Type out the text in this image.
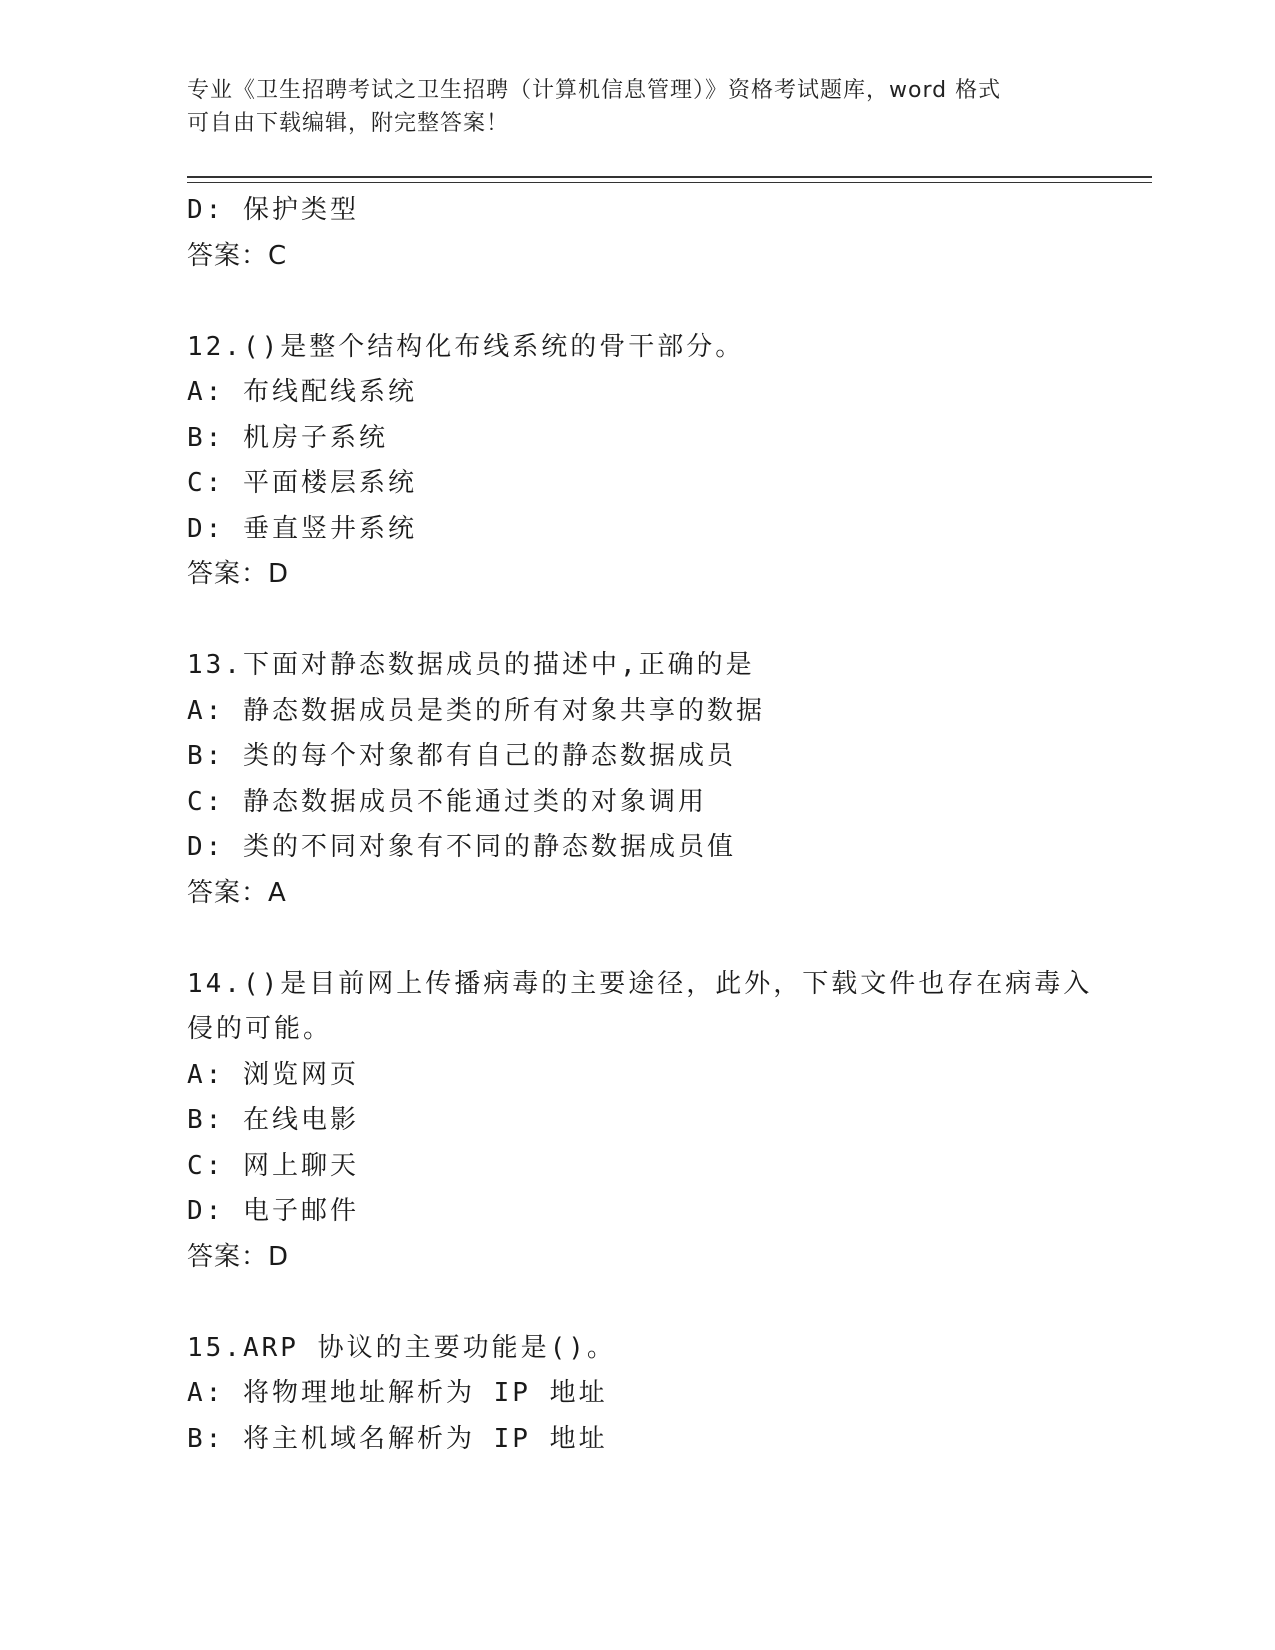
专业《卫生招聘考试之卫生招聘（计算机信息管理）》资格考试题库，word 格式
可自由下载编辑，附完整答案！
D: 保护类型
答案：C
12.()是整个结构化布线系统的骨干部分。
A: 布线配线系统
B: 机房子系统
C: 平面楼层系统
D: 垂直竖井系统
答案：D
13.下面对静态数据成员的描述中,正确的是
A: 静态数据成员是类的所有对象共享的数据
B: 类的每个对象都有自己的静态数据成员
C: 静态数据成员不能通过类的对象调用
D: 类的不同对象有不同的静态数据成员值
答案：A
14.()是目前网上传播病毒的主要途径，此外，下载文件也存在病毒入
侵的可能。
A: 浏览网页
B: 在线电影
C: 网上聊天
D: 电子邮件
答案：D
15.ARP 协议的主要功能是()。
A: 将物理地址解析为 IP 地址
B: 将主机域名解析为 IP 地址
